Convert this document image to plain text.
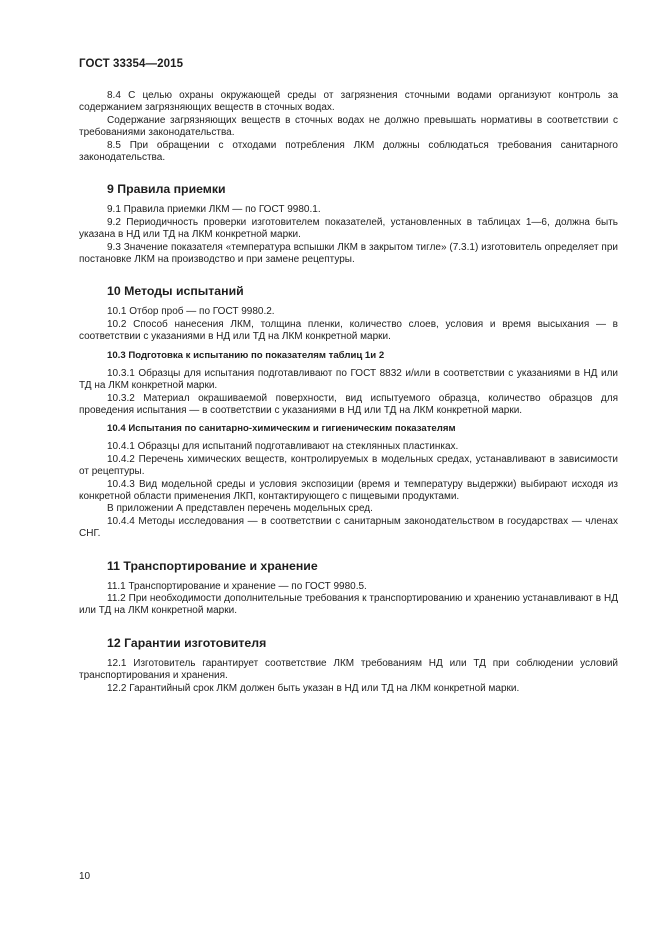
ГОСТ 33354—2015

8.4 С целью охраны окружающей среды от загрязнения сточными водами организуют контроль за содержанием загрязняющих веществ в сточных водах.

Содержание загрязняющих веществ в сточных водах не должно превышать нормативы в соответствии с требованиями законодательства.

8.5 При обращении с отходами потребления ЛКМ должны соблюдаться требования санитарного законодательства.

9 Правила приемки

9.1 Правила приемки ЛКМ — по ГОСТ 9980.1.

9.2 Периодичность проверки изготовителем показателей, установленных в таблицах 1—6, должна быть указана в НД или ТД на ЛКМ конкретной марки.

9.3 Значение показателя «температура вспышки ЛКМ в закрытом тигле» (7.3.1) изготовитель определяет при постановке ЛКМ на производство и при замене рецептуры.

10 Методы испытаний

10.1 Отбор проб — по ГОСТ 9980.2.

10.2 Способ нанесения ЛКМ, толщина пленки, количество слоев, условия и время высыхания — в соответствии с указаниями в НД или ТД на ЛКМ конкретной марки.

10.3 Подготовка к испытанию по показателям таблиц 1и 2

10.3.1 Образцы для испытания подготавливают по ГОСТ 8832 и/или в соответствии с указаниями в НД или ТД на ЛКМ конкретной марки.

10.3.2 Материал окрашиваемой поверхности, вид испытуемого образца, количество образцов для проведения испытания — в соответствии с указаниями в НД или ТД на ЛКМ конкретной марки.

10.4 Испытания по санитарно-химическим и гигиеническим показателям

10.4.1 Образцы для испытаний подготавливают на стеклянных пластинках.

10.4.2 Перечень химических веществ, контролируемых в модельных средах, устанавливают в зависимости от рецептуры.

10.4.3 Вид модельной среды и условия экспозиции (время и температуру выдержки) выбирают исходя из конкретной области применения ЛКП, контактирующего с пищевыми продуктами.

В приложении А представлен перечень модельных сред.

10.4.4 Методы исследования — в соответствии с санитарным законодательством в государствах — членах СНГ.

11 Транспортирование и хранение

11.1 Транспортирование и хранение — по ГОСТ 9980.5.

11.2 При необходимости дополнительные требования к транспортированию и хранению устанавливают в НД или ТД на ЛКМ конкретной марки.

12 Гарантии изготовителя

12.1 Изготовитель гарантирует соответствие ЛКМ требованиям НД или ТД при соблюдении условий транспортирования и хранения.

12.2 Гарантийный срок ЛКМ должен быть указан в НД или ТД на ЛКМ конкретной марки.

10
